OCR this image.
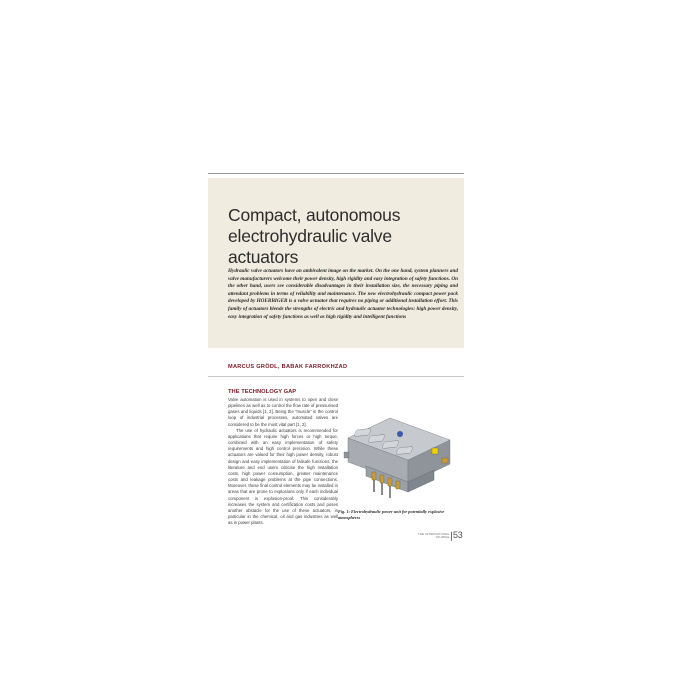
Compact, autonomous
electrohydraulic valve actuators
Hydraulic valve actuators have an ambivalent image on the market. On the one hand, system planners and valve manufacturers welcome their power density, high rigidity and easy integration of safety functions. On the other hand, users see considerable disadvantages in their installation size, the necessary piping and attendant problems in terms of reliability and maintenance. The new electrohydraulic compact power pack developed by HOERBIGER is a valve actuator that requires no piping or additional installation effort. This family of actuators blends the strengths of electric and hydraulic actuator technologies: high power density, easy integration of safety functions as well as high rigidity and intelligent functions
MARCUS GRÖDL, BABAK FARROKHZAD
THE TECHNOLOGY GAP

Valve automation is used in systems to open and close pipelines as well as to control the flow rate of pressurised gases and liquids [1, 2]. Being the “muscle” in the control loop of industrial processes, automated valves are considered to be the most vital part [1, 2].

The use of hydraulic actuators is recommended for applications that require high forces or high torque, combined with an easy implementation of safety requirements and high control precision. While these actuators are valued for their high power density, robust design and easy implementation of failsafe functions, the literature and end users criticise the high installation costs, high power consumption, greater maintenance costs and leakage problems at the pipe connections. Moreover, these final control elements may be installed in areas that are prone to explosions only if each individual component is explosion-proof. This considerably increases the system and certification costs and poses another obstacle for the use of these actuators, in particular in the chemical, oil and gas industries as well as in power plants.

Fig. 1: Electrohydraulic power unit for potentially explosive atmospheres
THE INTERNATIONAL
JOURNAL 53
